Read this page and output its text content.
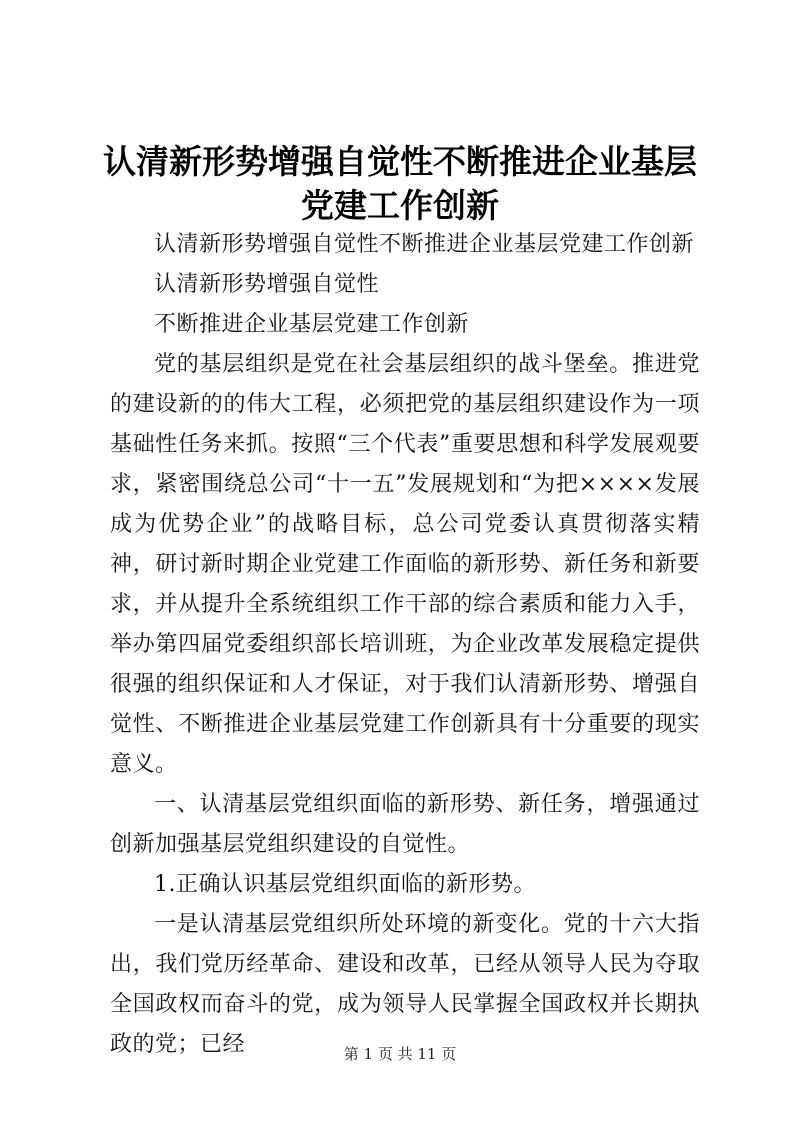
认清新形势增强自觉性不断推进企业基层党建工作创新

认清新形势增强自觉性不断推进企业基层党建工作创新

认清新形势增强自觉性

不断推进企业基层党建工作创新

党的基层组织是党在社会基层组织的战斗堡垒。推进党的建设新的的伟大工程，必须把党的基层组织建设作为一项基础性任务来抓。按照“三个代表”重要思想和科学发展观要求，紧密围绕总公司“十一五”发展规划和“为把××××发展成为优势企业”的战略目标，总公司党委认真贯彻落实精神，研讨新时期企业党建工作面临的新形势、新任务和新要求，并从提升全系统组织工作干部的综合素质和能力入手，举办第四届党委组织部长培训班，为企业改革发展稳定提供很强的组织保证和人才保证，对于我们认清新形势、增强自觉性、不断推进企业基层党建工作创新具有十分重要的现实意义。

一、认清基层党组织面临的新形势、新任务，增强通过创新加强基层党组织建设的自觉性。

1.正确认识基层党组织面临的新形势。

一是认清基层党组织所处环境的新变化。党的十六大指出，我们党历经革命、建设和改革，已经从领导人民为夺取全国政权而奋斗的党，成为领导人民掌握全国政权并长期执政的党；已经	第 1 页 共 11 页
